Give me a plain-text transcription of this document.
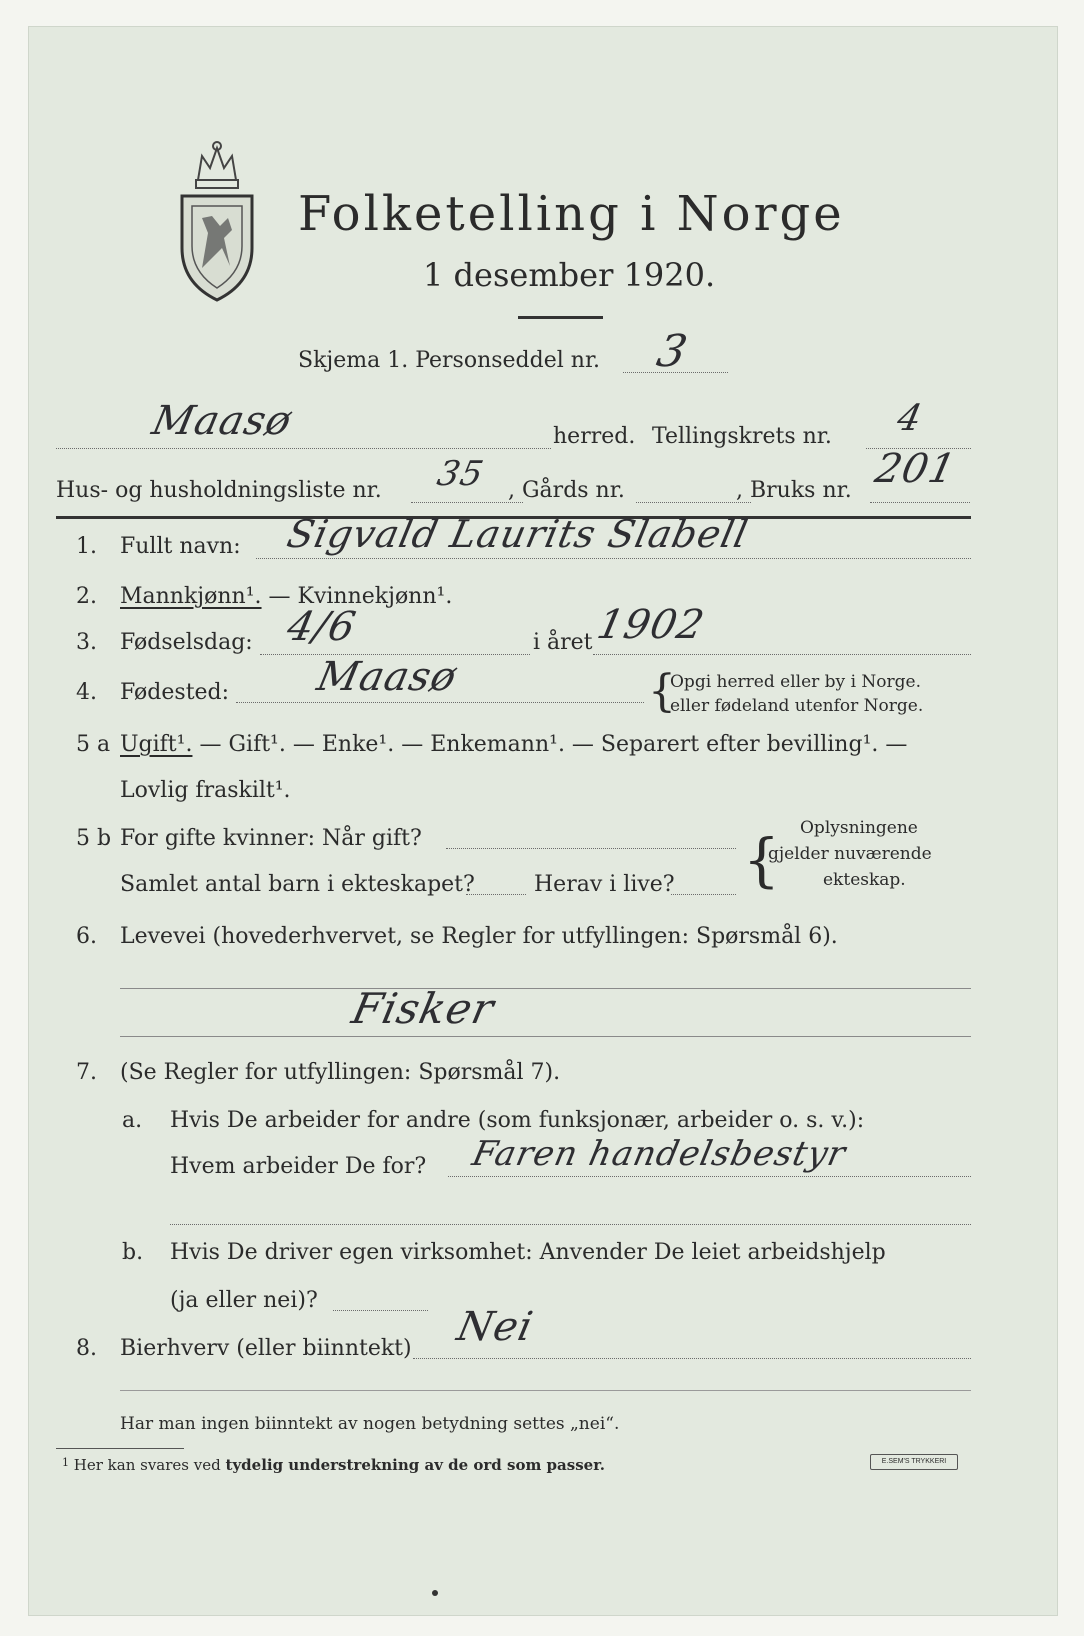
Folketelling i Norge
1 desember 1920.
Skjema 1. Personseddel nr. 3
Maasø	herred. Tellingskrets nr. 4
Hus- og husholdningsliste nr. 35 , Gårds nr.	, Bruks nr. 201
1. Fullt navn: Sigvald Laurits Slabell
2. Mannkjønn¹. — Kvinnekjønn¹.
3. Fødselsdag: 4/6	i året 1902
4. Fødested: Maasø	{
Opgi herred eller by i Norge.
eller fødeland utenfor Norge.
5 a Ugift¹. — Gift¹. — Enke¹. — Enkemann¹. — Separert efter bevilling¹. —
Lovlig fraskilt¹.
5 b For gifte kvinner: Når gift?
Samlet antal barn i ekteskapet?	Herav i live? { Oplysningene
gjelder nuværende
ekteskap.
6. Levevei (hovederhvervet, se Regler for utfyllingen: Spørsmål 6).
Fisker
7. (Se Regler for utfyllingen: Spørsmål 7).
a. Hvis De arbeider for andre (som funksjonær, arbeider o. s. v.):
Hvem arbeider De for? Faren handelsbestyr
b. Hvis De driver egen virksomhet: Anvender De leiet arbeidshjelp
(ja eller nei)?
8. Bierhverv (eller biinntekt) Nei
Har man ingen biinntekt av nogen betydning settes „nei“.
$^1$ Her kan svares ved tydelig understrekning av de ord som passer.	E.SEM'S TRYKKERI
